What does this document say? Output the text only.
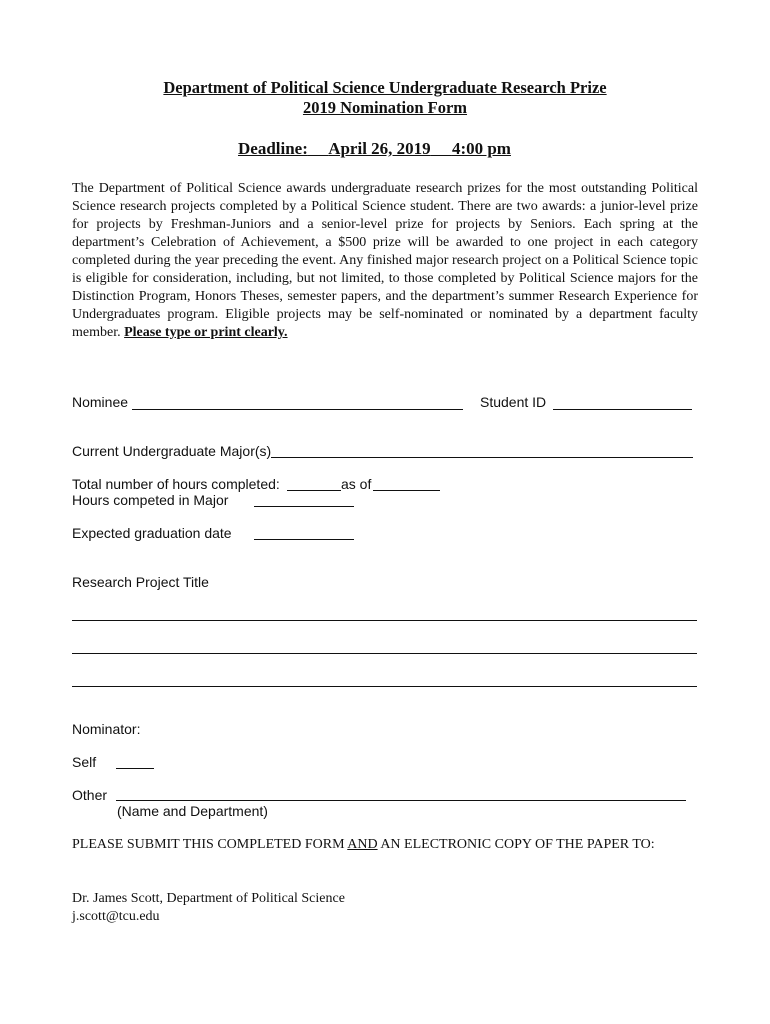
Department of Political Science Undergraduate Research Prize
2019 Nomination Form
Deadline: April 26, 2019 4:00 pm
The Department of Political Science awards undergraduate research prizes for the most outstanding Political Science research projects completed by a Political Science student. There are two awards: a junior-level prize for projects by Freshman-Juniors and a senior-level prize for projects by Seniors. Each spring at the department’s Celebration of Achievement, a $500 prize will be awarded to one project in each category completed during the year preceding the event. Any finished major research project on a Political Science topic is eligible for consideration, including, but not limited, to those completed by Political Science majors for the Distinction Program, Honors Theses, semester papers, and the department’s summer Research Experience for Undergraduates program. Eligible projects may be self-nominated or nominated by a department faculty member. Please type or print clearly.
Nominee	Student ID
Current Undergraduate Major(s)
Total number of hours completed:	as of
Hours competed in Major
Expected graduation date
Research Project Title
Nominator:
Self
Other
(Name and Department)
PLEASE SUBMIT THIS COMPLETED FORM AND AN ELECTRONIC COPY OF THE PAPER TO:
Dr. James Scott, Department of Political Science
j.scott@tcu.edu
